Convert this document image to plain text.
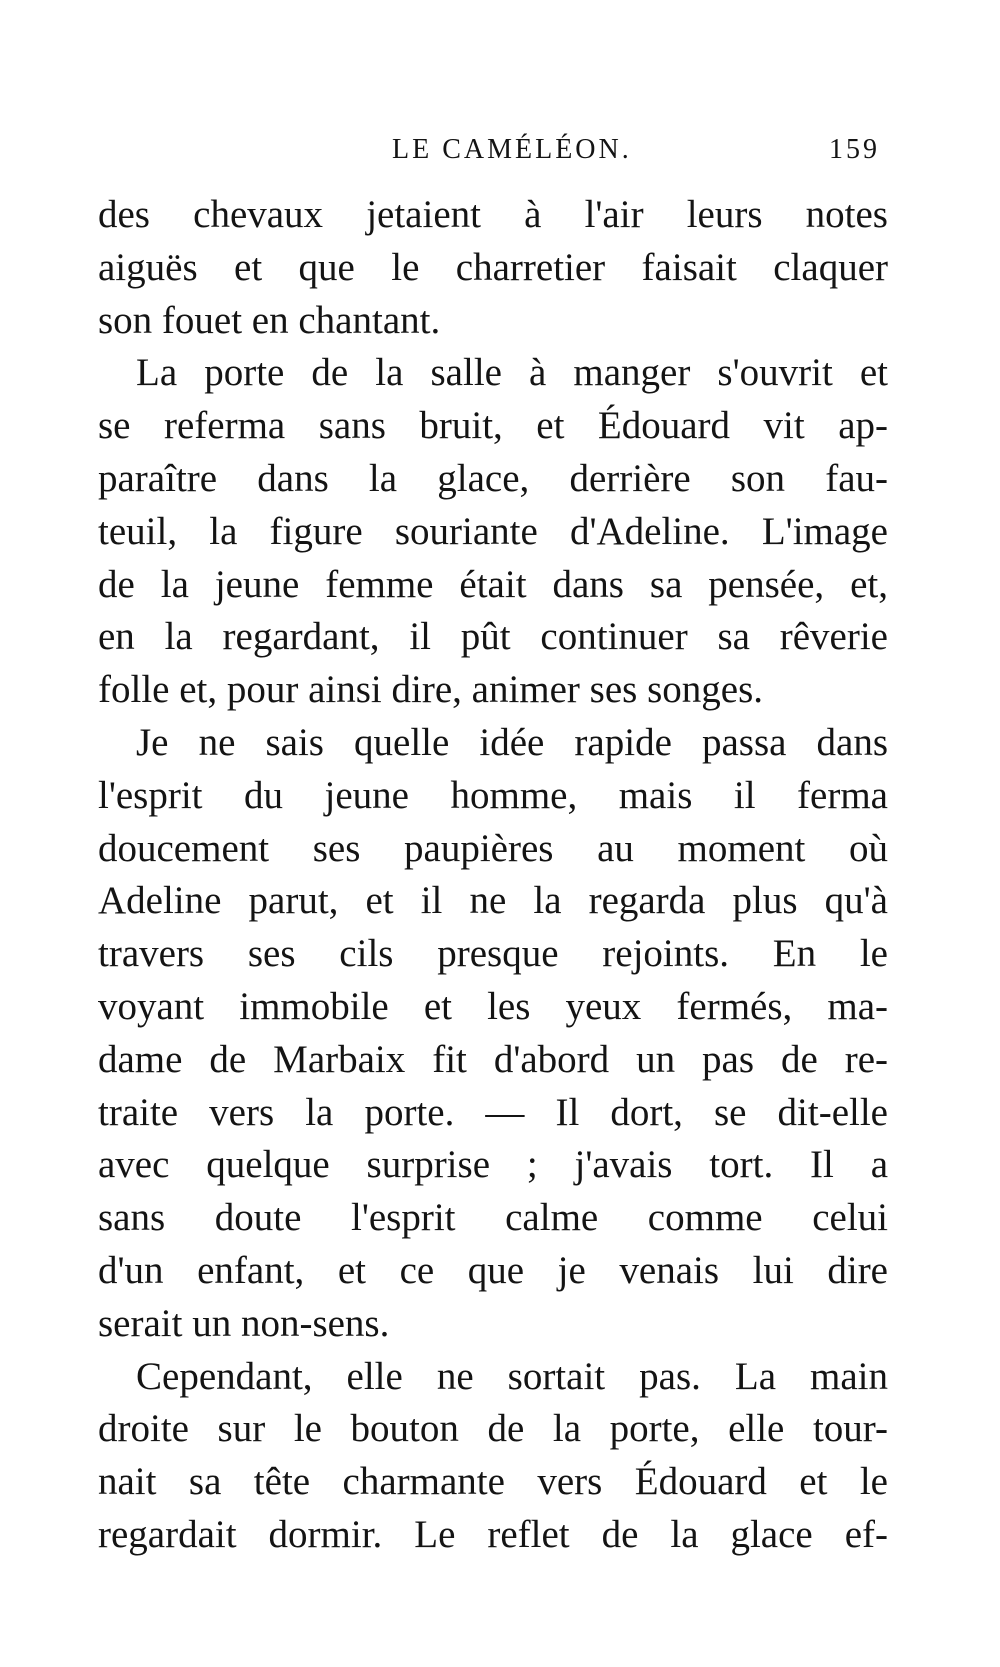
LE CAMÉLÉON.	159
des chevaux jetaient à l'air leurs notes
aiguës et que le charretier faisait claquer
son fouet en chantant.
La porte de la salle à manger s'ouvrit et
se referma sans bruit, et Édouard vit ap-
paraître dans la glace, derrière son fau-
teuil, la figure souriante d'Adeline. L'image
de la jeune femme était dans sa pensée, et,
en la regardant, il pût continuer sa rêverie
folle et, pour ainsi dire, animer ses songes.
Je ne sais quelle idée rapide passa dans
l'esprit du jeune homme, mais il ferma
doucement ses paupières au moment où
Adeline parut, et il ne la regarda plus qu'à
travers ses cils presque rejoints. En le
voyant immobile et les yeux fermés, ma-
dame de Marbaix fit d'abord un pas de re-
traite vers la porte. — Il dort, se dit-elle
avec quelque surprise ; j'avais tort. Il a
sans doute l'esprit calme comme celui
d'un enfant, et ce que je venais lui dire
serait un non-sens.
Cependant, elle ne sortait pas. La main
droite sur le bouton de la porte, elle tour-
nait sa tête charmante vers Édouard et le
regardait dormir. Le reflet de la glace ef-
